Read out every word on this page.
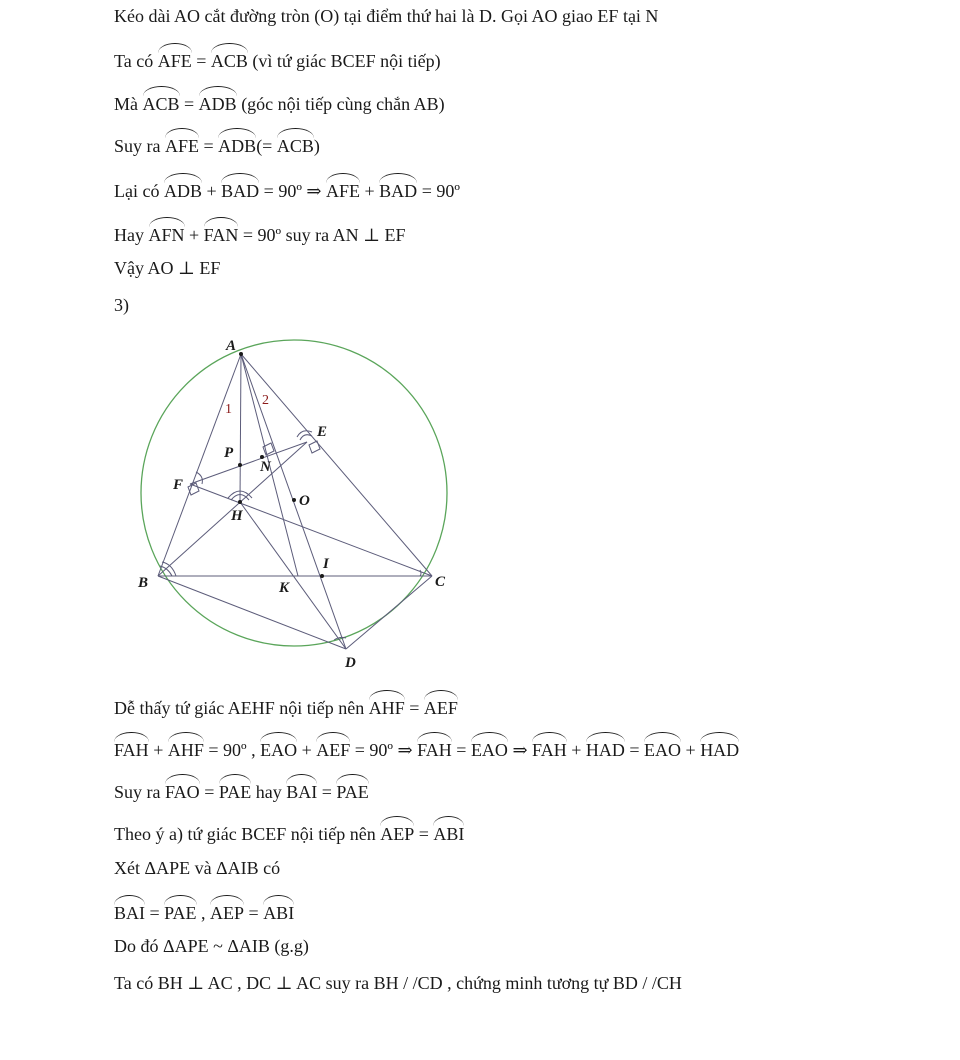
Kéo dài AO cắt đường tròn (O) tại điểm thứ hai là D. Gọi AO giao EF tại N
Ta có AFE = ACB (vì tứ giác BCEF nội tiếp)
Mà ACB = ADB (góc nội tiếp cùng chắn AB)
Suy ra AFE = ADB(= ACB)
Lại có ADB + BAD = 90º ⇒ AFE + BAD = 90º
Hay AFN + FAN = 90º suy ra AN ⊥ EF
Vậy AO ⊥ EF
3)
Dễ thấy tứ giác AEHF nội tiếp nên AHF = AEF
FAH + AHF = 90º , EAO + AEF = 90º ⇒ FAH = EAO ⇒ FAH + HAD = EAO + HAD
Suy ra FAO = PAE hay BAI = PAE
Theo ý a) tứ giác BCEF nội tiếp nên AEP = ABI
Xét ΔAPE và ΔAIB có
BAI = PAE , AEP = ABI
Do đó ΔAPE ~ ΔAIB (g.g)
Ta có BH ⊥ AC , DC ⊥ AC suy ra BH / /CD , chứng minh tương tự BD / /CH
A
E
F
P
N
H
O
I
B	K	C
D
1
2
